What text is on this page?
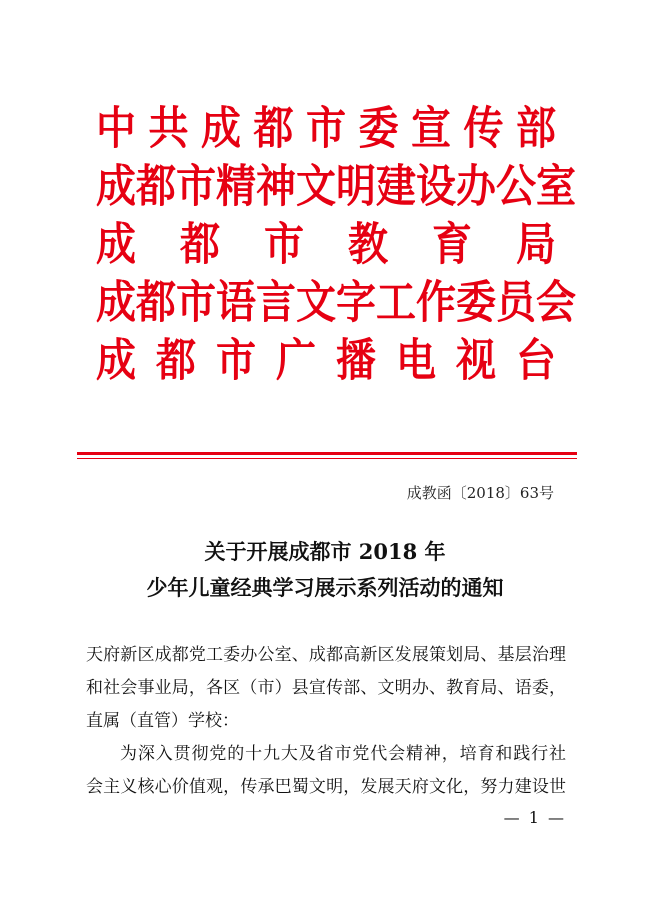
中 共 成 都 市 委 宣 传 部
成 都 市 精 神 文 明 建 设 办 公 室
成 都 市 教 育 局
成 都 市 语 言 文 字 工 作 委 员 会
成 都 市 广 播 电 视 台
成教函〔2018〕63号
关于开展成都市 2018 年
少年儿童经典学习展示系列活动的通知
天府新区成都党工委办公室、成都高新区发展策划局、基层治理
和社会事业局，各区（市）县宣传部、文明办、教育局、语委，
直属（直管）学校：
为深入贯彻党的十九大及省市党代会精神，培育和践行社
会主义核心价值观，传承巴蜀文明，发展天府文化，努力建设世
— 1 —
